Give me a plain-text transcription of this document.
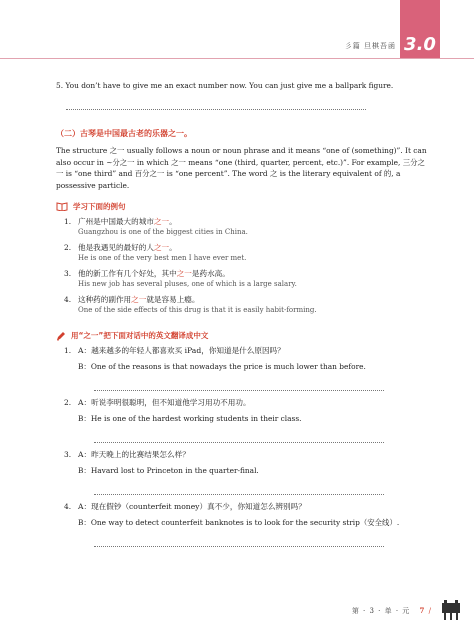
彡篇 旦棋吾函 3.0

5. You don’t have to give me an exact number now. You can just give me a ballpark figure.

（二）古琴是中国最古老的乐器之一。

The structure 之一 usually follows a noun or noun phrase and it means “one of (something)”. It can also occur in ~分之一 in which 之一 means “one (third, quarter, percent, etc.)”. For example, 三分之一 is “one third” and 百分之一 is “one percent”. The word 之 is the literary equivalent of 的, a possessive particle.

学习下面的例句
1. 广州是中国最大的城市之一。
Guangzhou is one of the biggest cities in China.
2. 他是我遇见的最好的人之一。
He is one of the very best men I have ever met.
3. 他的新工作有几个好处，其中之一是药水高。
His new job has several pluses, one of which is a large salary.
4. 这种药的副作用之一就是容易上瘾。
One of the side effects of this drug is that it is easily habit-forming.
用“之一”把下面对话中的英文翻译成中文
1. A：越来越多的年轻人都喜欢买 iPad，你知道是什么原因吗？
B：One of the reasons is that nowadays the price is much lower than before.
2. A：听说李明很聪明，但不知道他学习用功不用功。
B：He is one of the hardest working students in their class.
3. A：昨天晚上的比赛结果怎么样？
B：Havard lost to Princeton in the quarter-final.
4. A：现在假钞（counterfeit money）真不少，你知道怎么辨别吗？
B：One way to detect counterfeit banknotes is to look for the security strip（安全线）.
第 · 3 · 单 · 元 7 /
